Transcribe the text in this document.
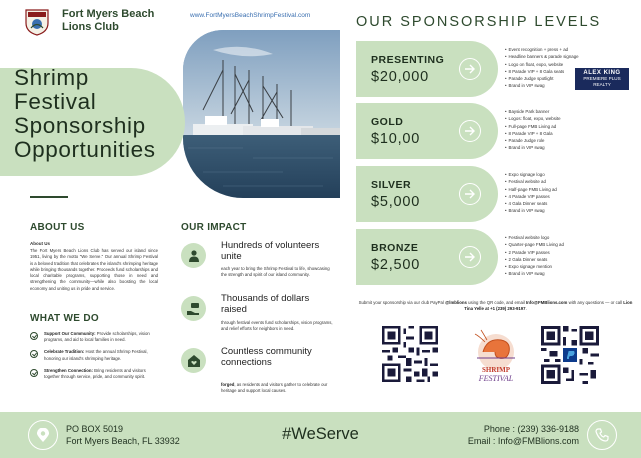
Fort Myers Beach Lions Club
www.FortMyersBeachShrimpFestival.com
Shrimp
Festival
Sponsorship
Opportunities
ABOUT US
About Us
The Fort Myers Beach Lions Club has served our island since 1951, living by the motto "We Serve." Our annual Shrimp Festival is a beloved tradition that celebrates the island's shrimping heritage while bringing thousands together. Proceeds fund scholarships and local charitable programs, supporting those in need and strengthening the community—while also boosting the local economy and uniting us in pride and service.
WHAT WE DO
Support Our Community: Provide scholarships, vision programs, and aid to local families in need.
Celebrate Tradition: Host the annual Shrimp Festival, honoring our island's shrimping heritage.
Strengthen Connection: Bring residents and visitors together through service, pride, and community spirit.
OUR IMPACT
Hundreds of volunteers unite
each year to bring the Shrimp Festival to life, showcasing the strength and spirit of our island community.
Thousands of dollars raised
through festival events fund scholarships, vision programs, and relief efforts for neighbors in need.
Countless community connections
forged, as residents and visitors gather to celebrate our heritage and support local causes.
OUR SPONSORSHIP LEVELS
PRESENTING
$20,000
• Event recognition + press + ad
• Headline banners & parade signage
• Logo on float, expo, website
• 8 Parade VIP + 8 Gala seats
• Parade Judge spotlight
• Brand in VIP swag
ALEX KING
PREMIERE PLUS REALTY
GOLD
$10,00
• Bayside Park banner
• Logos: float, expo, website
• Full-page FMB Living ad
• 8 Parade VIP + 8 Gala
• Parade Judge role
• Brand in VIP swag
SILVER
$5,000
• Expo signage logo
• Festival website ad
• Half-page FMB Living ad
• 4 Parade VIP passes
• 4 Gala Dinner seats
• Brand in VIP swag
BRONZE
$2,500
• Festival website logo
• Quarter-page FMB Living ad
• 2 Parade VIP passes
• 2 Gala Dinner seats
• Expo signage mention
• Brand in VIP swag
Submit your sponsorship via our club PayPal @lmblions using the QR code, and email Info@FMBlions.com with any questions — or call Lion Tina Yelle at +1 (239) 293-9197.
SHRIMP
FESTIVAL
PO BOX 5019
Fort Myers Beach, FL 33932	#WeServe	Phone : (239) 336-9188
Email : Info@FMBlions.com
